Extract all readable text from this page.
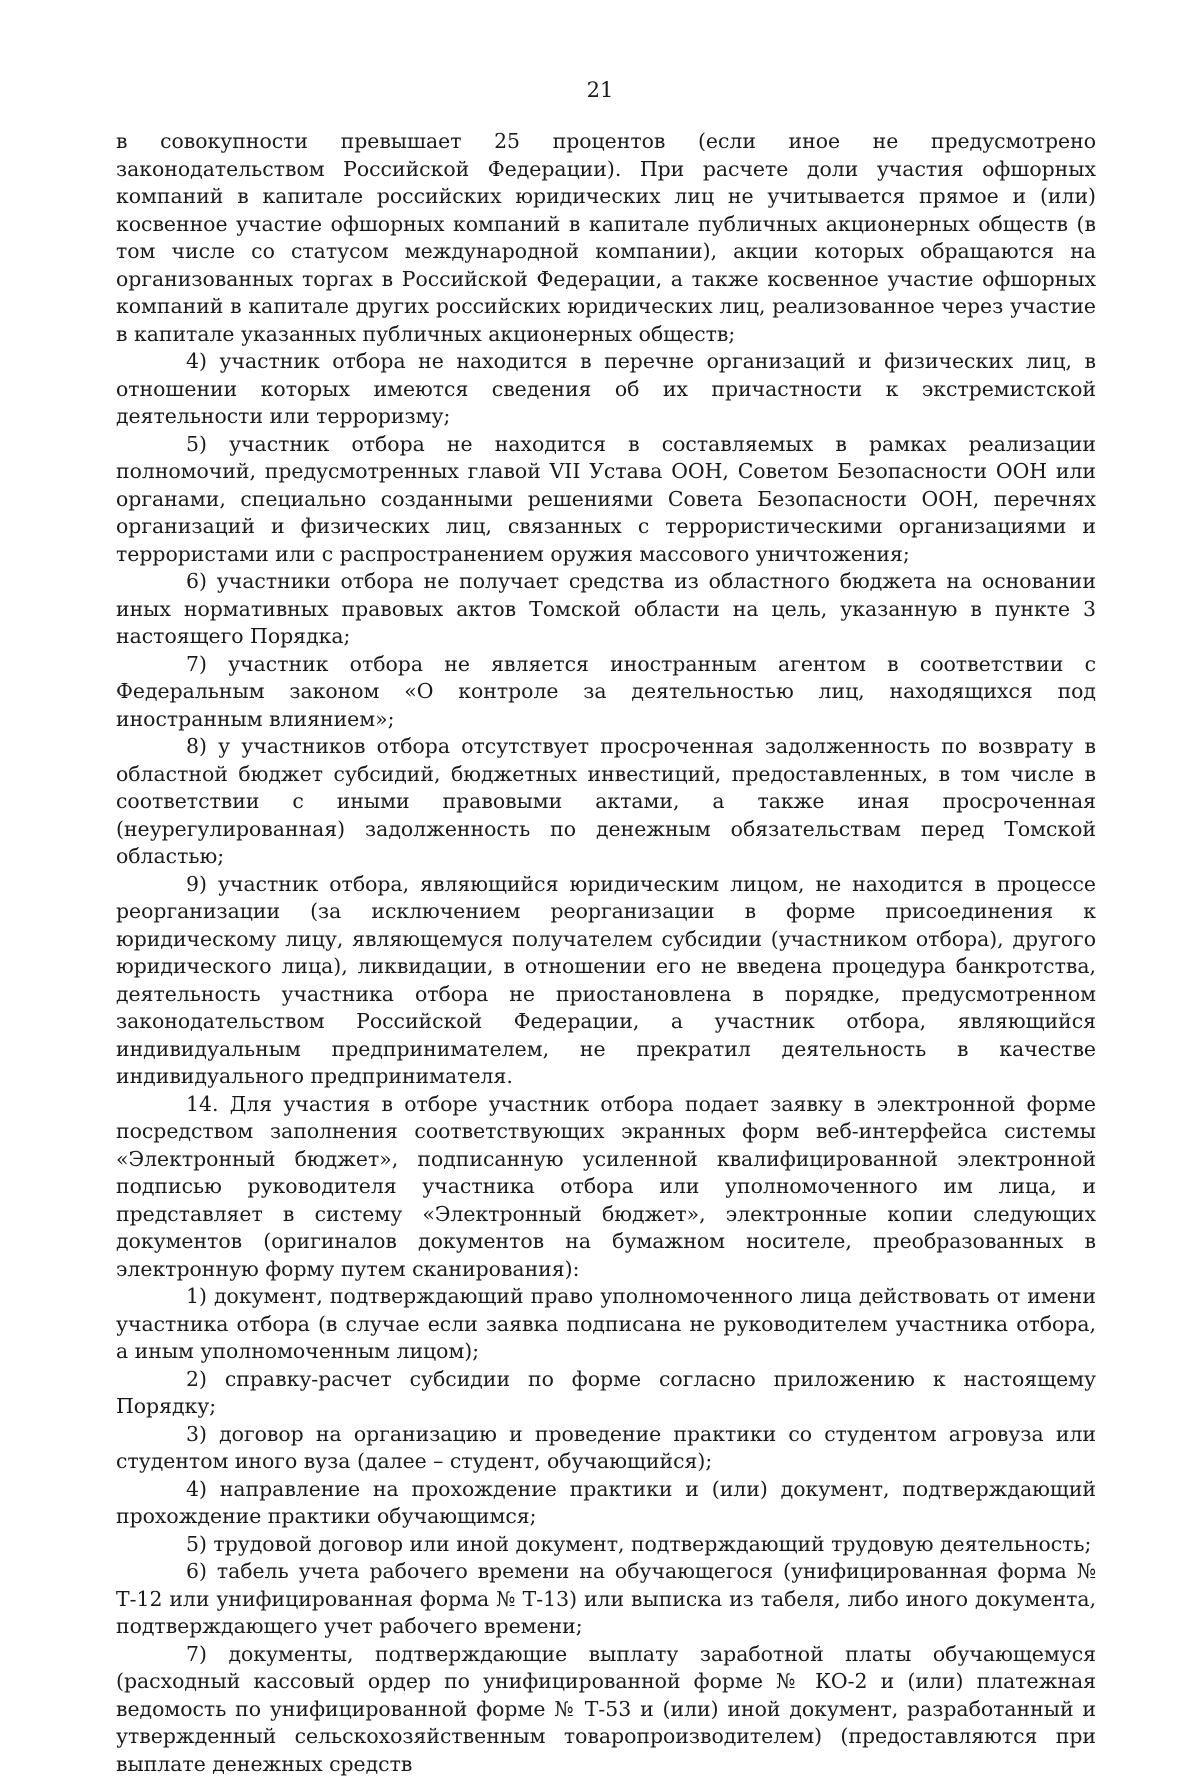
21

в совокупности превышает 25 процентов (если иное не предусмотрено законодательством Российской Федерации). При расчете доли участия офшорных компаний в капитале российских юридических лиц не учитывается прямое и (или) косвенное участие офшорных компаний в капитале публичных акционерных обществ (в том числе со статусом международной компании), акции которых обращаются на организованных торгах в Российской Федерации, а также косвенное участие офшорных компаний в капитале других российских юридических лиц, реализованное через участие в капитале указанных публичных акционерных обществ;

4) участник отбора не находится в перечне организаций и физических лиц, в отношении которых имеются сведения об их причастности к экстремистской деятельности или терроризму;

5) участник отбора не находится в составляемых в рамках реализации полномочий, предусмотренных главой VII Устава ООН, Советом Безопасности ООН или органами, специально созданными решениями Совета Безопасности ООН, перечнях организаций и физических лиц, связанных с террористическими организациями и террористами или с распространением оружия массового уничтожения;

6) участники отбора не получает средства из областного бюджета на основании иных нормативных правовых актов Томской области на цель, указанную в пункте 3 настоящего Порядка;

7) участник отбора не является иностранным агентом в соответствии с Федеральным законом «О контроле за деятельностью лиц, находящихся под иностранным влиянием»;

8) у участников отбора отсутствует просроченная задолженность по возврату в областной бюджет субсидий, бюджетных инвестиций, предоставленных, в том числе в соответствии с иными правовыми актами, а также иная просроченная (неурегулированная) задолженность по денежным обязательствам перед Томской областью;

9) участник отбора, являющийся юридическим лицом, не находится в процессе реорганизации (за исключением реорганизации в форме присоединения к юридическому лицу, являющемуся получателем субсидии (участником отбора), другого юридического лица), ликвидации, в отношении его не введена процедура банкротства, деятельность участника отбора не приостановлена в порядке, предусмотренном законодательством Российской Федерации, а участник отбора, являющийся индивидуальным предпринимателем, не прекратил деятельность в качестве индивидуального предпринимателя.

14. Для участия в отборе участник отбора подает заявку в электронной форме посредством заполнения соответствующих экранных форм веб-интерфейса системы «Электронный бюджет», подписанную усиленной квалифицированной электронной подписью руководителя участника отбора или уполномоченного им лица, и представляет в систему «Электронный бюджет», электронные копии следующих документов (оригиналов документов на бумажном носителе, преобразованных в электронную форму путем сканирования):

1) документ, подтверждающий право уполномоченного лица действовать от имени участника отбора (в случае если заявка подписана не руководителем участника отбора, а иным уполномоченным лицом);

2) справку-расчет субсидии по форме согласно приложению к настоящему Порядку;

3) договор на организацию и проведение практики со студентом агровуза или студентом иного вуза (далее – студент, обучающийся);

4) направление на прохождение практики и (или) документ, подтверждающий прохождение практики обучающимся;

5) трудовой договор или иной документ, подтверждающий трудовую деятельность;

6) табель учета рабочего времени на обучающегося (унифицированная форма № Т-12 или унифицированная форма № Т-13) или выписка из табеля, либо иного документа, подтверждающего учет рабочего времени;

7) документы, подтверждающие выплату заработной платы обучающемуся (расходный кассовый ордер по унифицированной форме № КО-2 и (или) платежная ведомость по унифицированной форме № Т-53 и (или) иной документ, разработанный и утвержденный сельскохозяйственным товаропроизводителем) (предоставляются при выплате денежных средств
